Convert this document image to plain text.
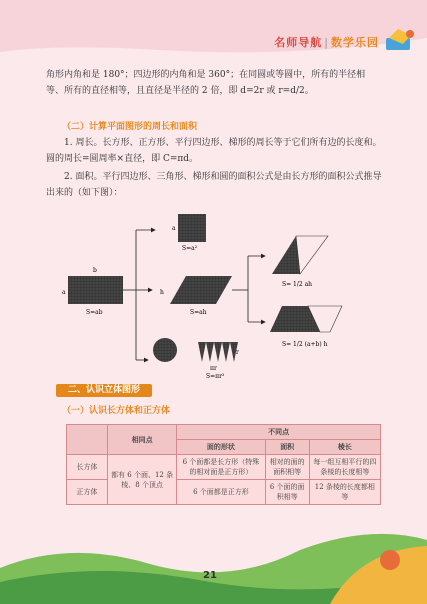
名师导航 | 数学乐园
角形内角和是 180°；四边形的内角和是 360°；在同圆或等圆中，所有的半径相
等、所有的直径相等，且直径是半径的 2 倍，即 d=2r 或 r=d/2。
（二）计算平面图形的周长和面积
1. 周长。长方形、正方形、平行四边形、梯形的周长等于它们所有边的长度和。圆的周长=圆周率×直径，即 C=πd。
2. 面积。平行四边形、三角形、梯形和圆的面积公式是由长方形的面积公式推导出来的（如下图）：
b
a
S=ab
a
S=a²
h
S=ah
S= 1/2 ah
S= 1/2 (a+b) h
r
πr
S=πr²
二、认识立体图形
（一）认识长方体和正方体
	相同点	不同点		
		面的形状	面积	棱长
长方体	都有 6 个面、12 条棱、8 个顶点	6 个面都是长方形（特殊的相对面是正方形）	相对的面的面积相等	每一组互相平行的四条棱的长度相等
正方体		6 个面都是正方形	6 个面的面积相等	12 条棱的长度都相等
21
